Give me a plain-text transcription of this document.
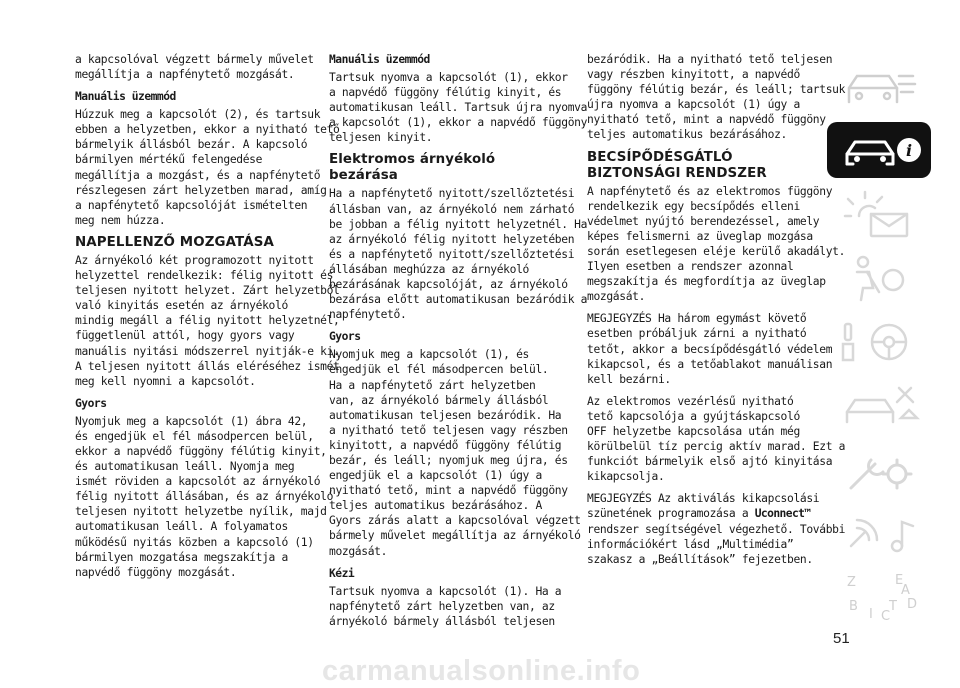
a kapcsolóval végzett bármely művelet
megállítja a napfénytető mozgását.

Manuális üzemmód

Húzzuk meg a kapcsolót (2), és tartsuk
ebben a helyzetben, ekkor a nyitható tető
bármelyik állásból bezár. A kapcsoló
bármilyen mértékű felengedése
megállítja a mozgást, és a napfénytető
részlegesen zárt helyzetben marad, amíg
a napfénytető kapcsolóját ismételten
meg nem húzza.

NAPELLENZŐ MOZGATÁSA

Az árnyékoló két programozott nyitott
helyzettel rendelkezik: félig nyitott és
teljesen nyitott helyzet. Zárt helyzetből
való kinyitás esetén az árnyékoló
mindig megáll a félig nyitott helyzetnél,
függetlenül attól, hogy gyors vagy
manuális nyitási módszerrel nyitják-e ki.
A teljesen nyitott állás eléréséhez ismét
meg kell nyomni a kapcsolót.

Gyors

Nyomjuk meg a kapcsolót (1) ábra 42,
és engedjük el fél másodpercen belül,
ekkor a napvédő függöny félútig kinyit,
és automatikusan leáll. Nyomja meg
ismét röviden a kapcsolót az árnyékoló
félig nyitott állásában, és az árnyékoló
teljesen nyitott helyzetbe nyílik, majd
automatikusan leáll. A folyamatos
működésű nyitás közben a kapcsoló (1)
bármilyen mozgatása megszakítja a
napvédő függöny mozgását.

Manuális üzemmód

Tartsuk nyomva a kapcsolót (1), ekkor
a napvédő függöny félútig kinyit, és
automatikusan leáll. Tartsuk újra nyomva
a kapcsolót (1), ekkor a napvédő függöny
teljesen kinyit.

Elektromos árnyékoló bezárása

Ha a napfénytető nyitott/szellőztetési
állásban van, az árnyékoló nem zárható
be jobban a félig nyitott helyzetnél. Ha
az árnyékoló félig nyitott helyzetében
és a napfénytető nyitott/szellőztetési
állásában meghúzza az árnyékoló
bezárásának kapcsolóját, az árnyékoló
bezárása előtt automatikusan bezáródik a
napfénytető.

Gyors

Nyomjuk meg a kapcsolót (1), és
engedjük el fél másodpercen belül.
Ha a napfénytető zárt helyzetben
van, az árnyékoló bármely állásból
automatikusan teljesen bezáródik. Ha
a nyitható tető teljesen vagy részben
kinyitott, a napvédő függöny félútig
bezár, és leáll; nyomjuk meg újra, és
engedjük el a kapcsolót (1) úgy a
nyitható tető, mint a napvédő függöny
teljes automatikus bezárásához. A
Gyors zárás alatt a kapcsolóval végzett
bármely művelet megállítja az árnyékoló
mozgását.

Kézi

Tartsuk nyomva a kapcsolót (1). Ha a
napfénytető zárt helyzetben van, az
árnyékoló bármely állásból teljesen

bezáródik. Ha a nyitható tető teljesen
vagy részben kinyitott, a napvédő
függöny félútig bezár, és leáll; tartsuk
újra nyomva a kapcsolót (1) úgy a
nyitható tető, mint a napvédő függöny
teljes automatikus bezárásához.

BECSÍPŐDÉSGÁTLÓ
BIZTONSÁGI RENDSZER

A napfénytető és az elektromos függöny
rendelkezik egy becsípődés elleni
védelmet nyújtó berendezéssel, amely
képes felismerni az üveglap mozgása
során esetlegesen eléje kerülő akadályt.
Ilyen esetben a rendszer azonnal
megszakítja és megfordítja az üveglap
mozgását.

MEGJEGYZÉS Ha három egymást követő
esetben próbáljuk zárni a nyitható
tetőt, akkor a becsípődésgátló védelem
kikapcsol, és a tetőablakot manuálisan
kell bezárni.

Az elektromos vezérlésű nyitható
tető kapcsolója a gyújtáskapcsoló
OFF helyzetbe kapcsolása után még
körülbelül tíz percig aktív marad. Ezt a
funkciót bármelyik első ajtó kinyitása
kikapcsolja.

MEGJEGYZÉS Az aktiválás kikapcsolási
szünetének programozása a Uconnect™
rendszer segítségével végezhető. További
információkért lásd „Multimédia”
szakasz a „Beállítások” fejezetben.

i
Z	E
B
I C
T D
A
51
carmanualsonline.info
